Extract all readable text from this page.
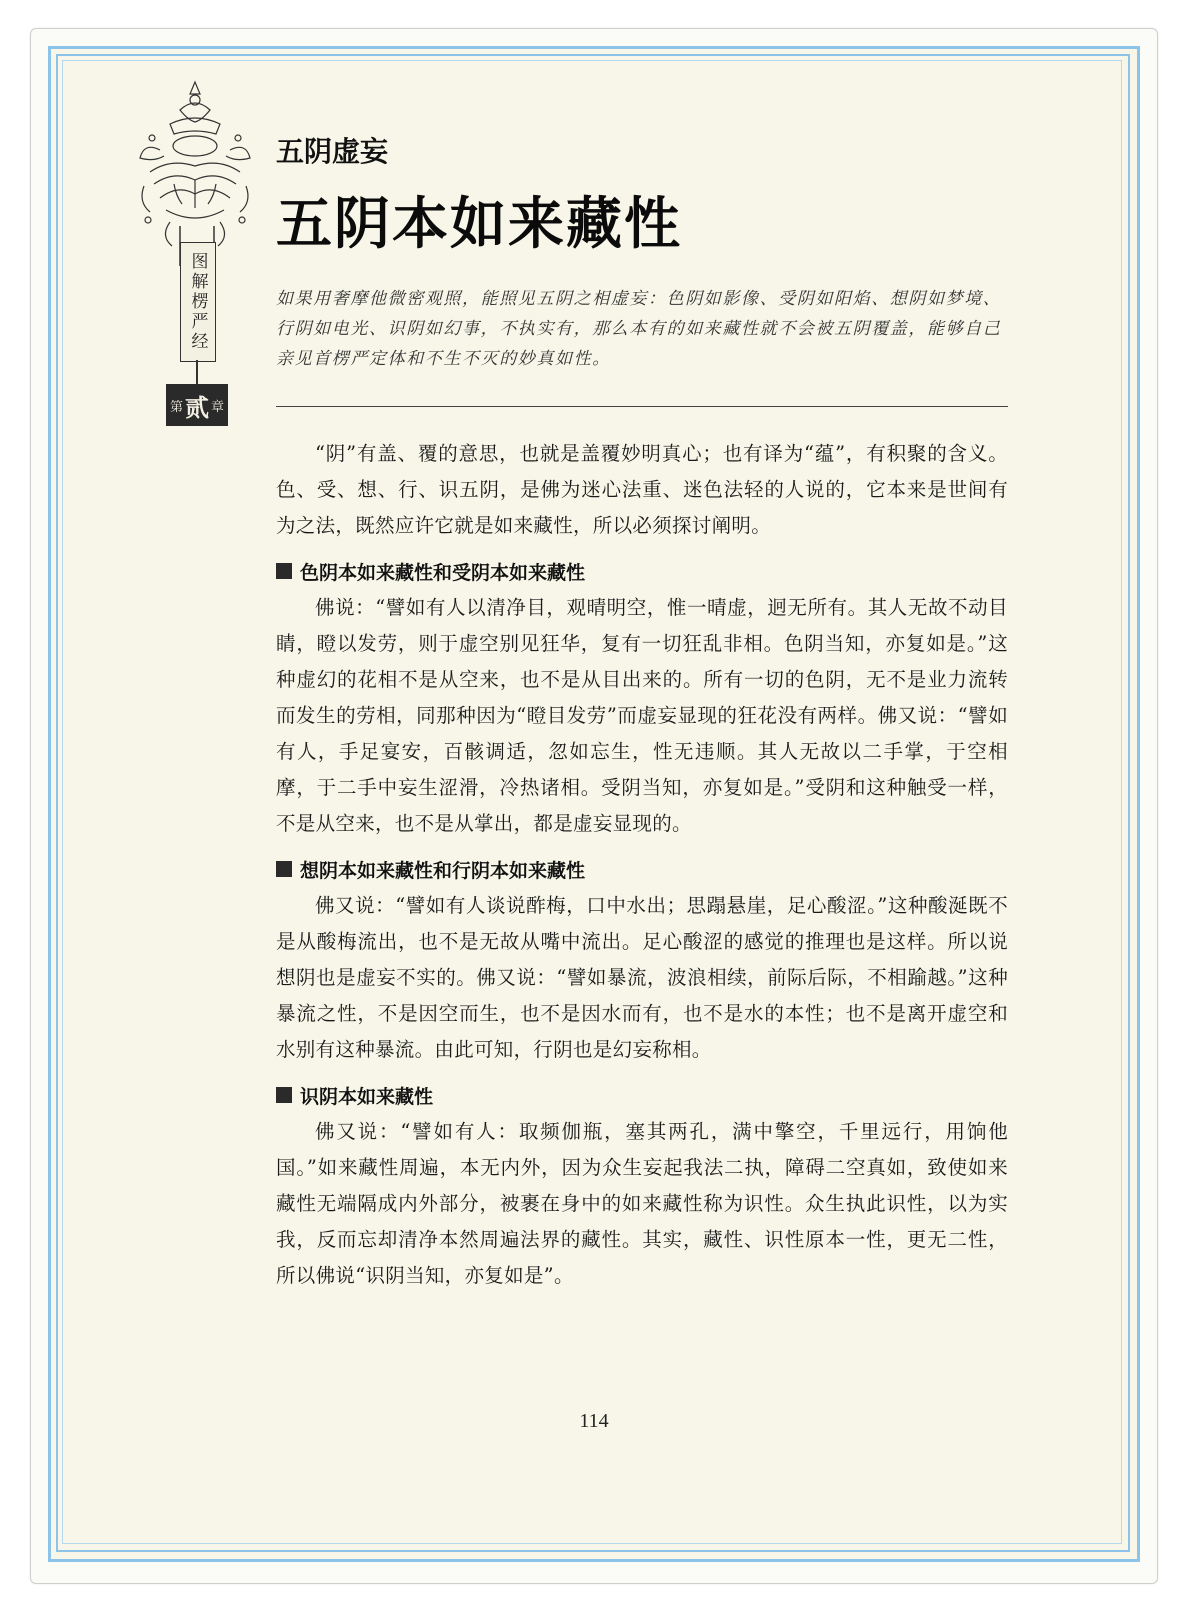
图解楞严经
第 贰 章
五阴虚妄
五阴本如来藏性
如果用奢摩他微密观照，能照见五阴之相虚妄：色阴如影像、受阴如阳焰、想阴如梦境、行阴如电光、识阴如幻事，不执实有，那么本有的如来藏性就不会被五阴覆盖，能够自己亲见首楞严定体和不生不灭的妙真如性。

“阴”有盖、覆的意思，也就是盖覆妙明真心；也有译为“蕴”，有积聚的含义。色、受、想、行、识五阴，是佛为迷心法重、迷色法轻的人说的，它本来是世间有为之法，既然应许它就是如来藏性，所以必须探讨阐明。

色阴本如来藏性和受阴本如来藏性

佛说：“譬如有人以清净目，观晴明空，惟一晴虚，迥无所有。其人无故不动目睛，瞪以发劳，则于虚空别见狂华，复有一切狂乱非相。色阴当知，亦复如是。”这种虚幻的花相不是从空来，也不是从目出来的。所有一切的色阴，无不是业力流转而发生的劳相，同那种因为“瞪目发劳”而虚妄显现的狂花没有两样。佛又说：“譬如有人，手足宴安，百骸调适，忽如忘生，性无违顺。其人无故以二手掌，于空相摩，于二手中妄生涩滑，冷热诸相。受阴当知，亦复如是。”受阴和这种触受一样，不是从空来，也不是从掌出，都是虚妄显现的。

想阴本如来藏性和行阴本如来藏性

佛又说：“譬如有人谈说酢梅，口中水出；思蹋悬崖，足心酸涩。”这种酸涎既不是从酸梅流出，也不是无故从嘴中流出。足心酸涩的感觉的推理也是这样。所以说想阴也是虚妄不实的。佛又说：“譬如暴流，波浪相续，前际后际，不相踰越。”这种暴流之性，不是因空而生，也不是因水而有，也不是水的本性；也不是离开虚空和水别有这种暴流。由此可知，行阴也是幻妄称相。

识阴本如来藏性

佛又说：“譬如有人：取频伽瓶，塞其两孔，满中擎空，千里远行，用饷他国。”如来藏性周遍，本无内外，因为众生妄起我法二执，障碍二空真如，致使如来藏性无端隔成内外部分，被裹在身中的如来藏性称为识性。众生执此识性，以为实我，反而忘却清净本然周遍法界的藏性。其实，藏性、识性原本一性，更无二性，所以佛说“识阴当知，亦复如是”。

114
